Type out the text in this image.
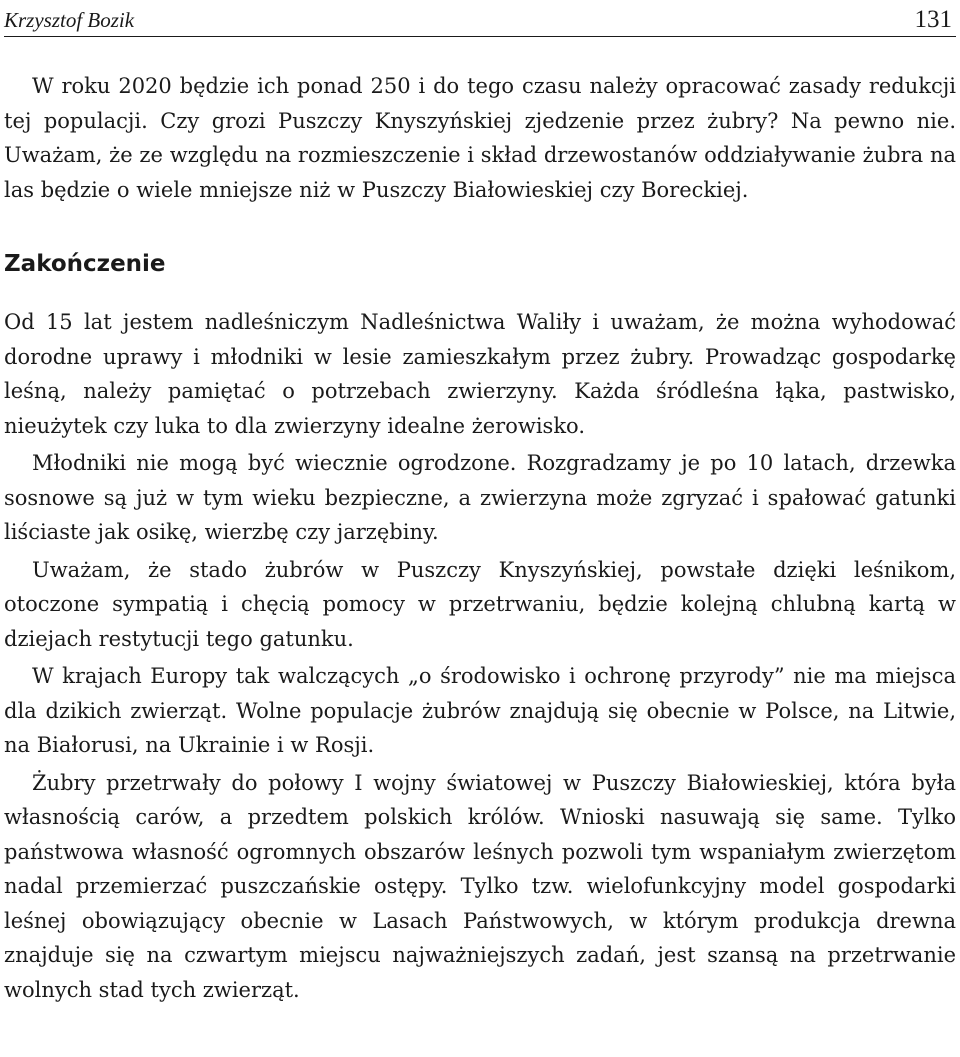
Krzysztof Bozik	131

W roku 2020 będzie ich ponad 250 i do tego czasu należy opracować zasady redukcji tej populacji. Czy grozi Puszczy Knyszyńskiej zjedzenie przez żubry? Na pewno nie. Uważam, że ze względu na rozmieszczenie i skład drzewostanów oddziaływanie żubra na las będzie o wiele mniejsze niż w Puszczy Białowieskiej czy Boreckiej.

Zakończenie

Od 15 lat jestem nadleśniczym Nadleśnictwa Waliły i uważam, że można wyhodować dorodne uprawy i młodniki w lesie zamieszkałym przez żubry. Prowadząc gospodarkę leśną, należy pamiętać o potrzebach zwierzyny. Każda śródleśna łąka, pastwisko, nieużytek czy luka to dla zwierzyny idealne żerowisko.

Młodniki nie mogą być wiecznie ogrodzone. Rozgradzamy je po 10 latach, drzewka sosnowe są już w tym wieku bezpieczne, a zwierzyna może zgryzać i spałować gatunki liściaste jak osikę, wierzbę czy jarzębiny.

Uważam, że stado żubrów w Puszczy Knyszyńskiej, powstałe dzięki leśnikom, otoczone sympatią i chęcią pomocy w przetrwaniu, będzie kolejną chlubną kartą w dziejach restytucji tego gatunku.

W krajach Europy tak walczących „o środowisko i ochronę przyrody” nie ma miejsca dla dzikich zwierząt. Wolne populacje żubrów znajdują się obecnie w Polsce, na Litwie, na Białorusi, na Ukrainie i w Rosji.

Żubry przetrwały do połowy I wojny światowej w Puszczy Białowieskiej, która była własnością carów, a przedtem polskich królów. Wnioski nasuwają się same. Tylko państwowa własność ogromnych obszarów leśnych pozwoli tym wspaniałym zwierzętom nadal przemierzać puszczańskie ostępy. Tylko tzw. wielofunkcyjny model gospodarki leśnej obowiązujący obecnie w Lasach Państwowych, w którym produkcja drewna znajduje się na czwartym miejscu najważniejszych zadań, jest szansą na przetrwanie wolnych stad tych zwierząt.
